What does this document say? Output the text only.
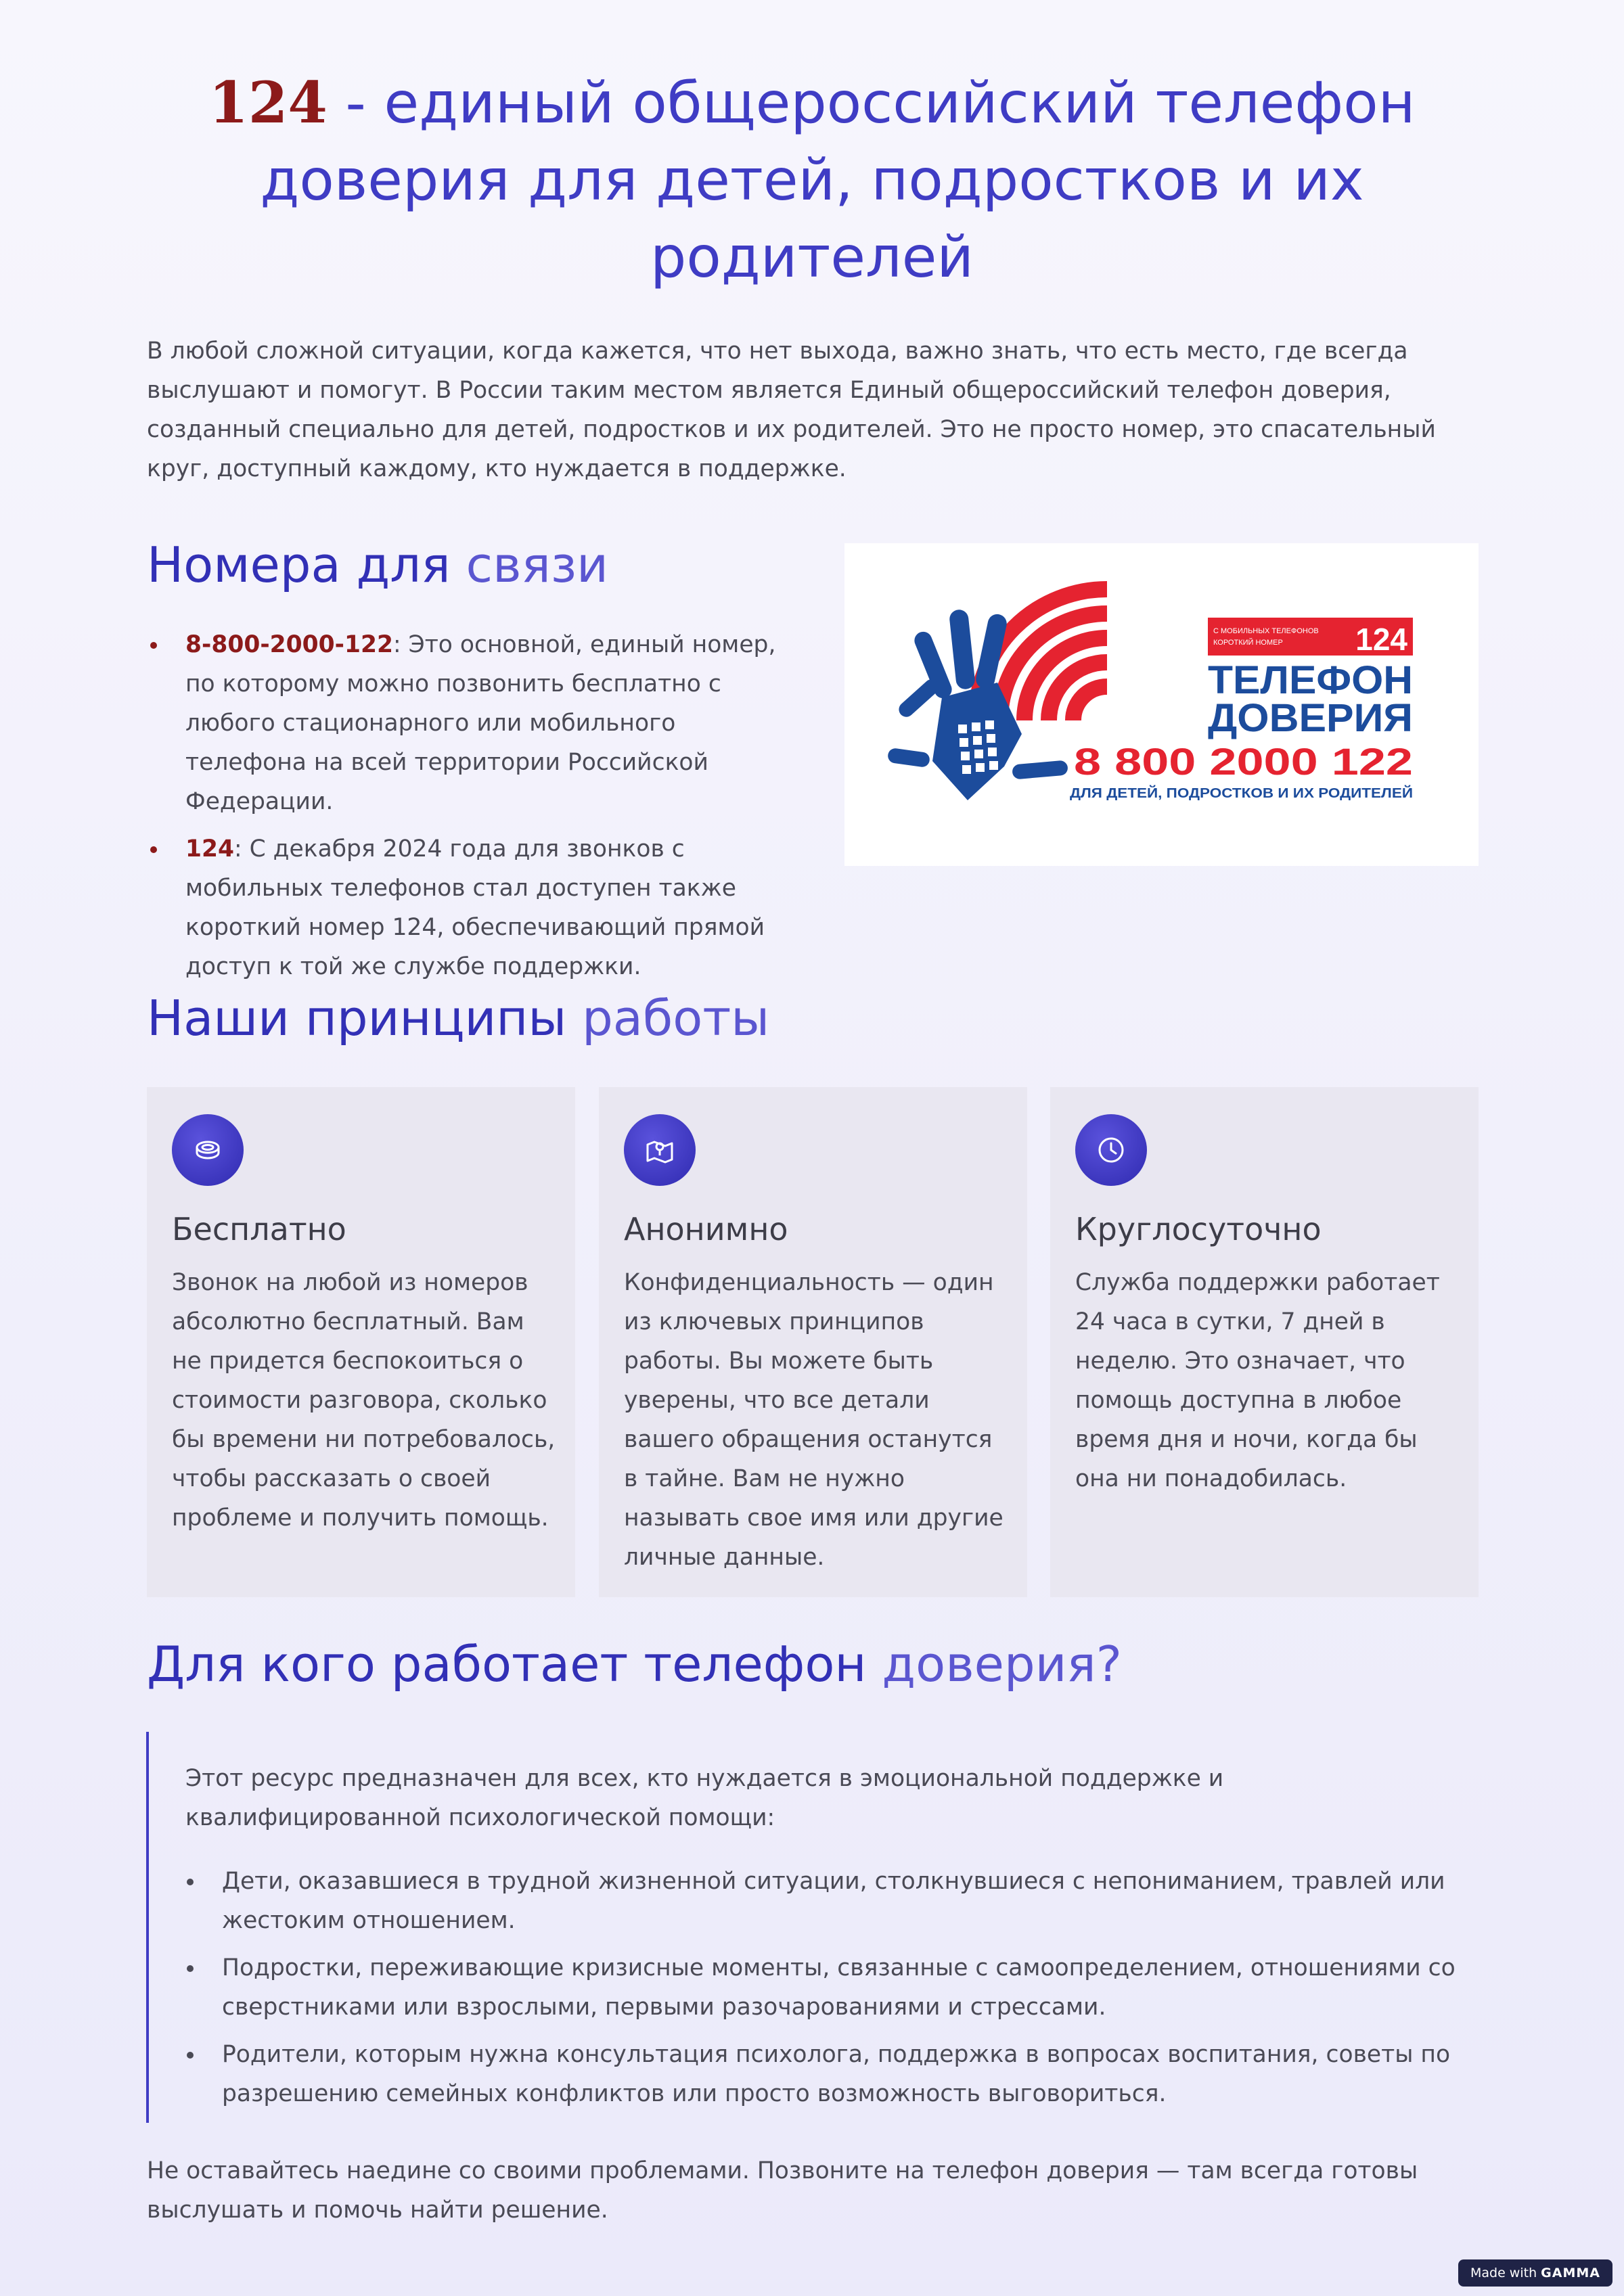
124 - единый общероссийский телефон доверия для детей, подростков и их родителей

В любой сложной ситуации, когда кажется, что нет выхода, важно знать, что есть место, где всегда выслушают и помогут. В России таким местом является Единый общероссийский телефон доверия, созданный специально для детей, подростков и их родителей. Это не просто номер, это спасательный круг, доступный каждому, кто нуждается в поддержке.

Номера для связи
8-800-2000-122: Это основной, единый номер, по которому можно позвонить бесплатно с любого стационарного или мобильного телефона на всей территории Российской Федерации.
124: С декабря 2024 года для звонков с мобильных телефонов стал доступен также короткий номер 124, обеспечивающий прямой доступ к той же службе поддержки.
С МОБИЛЬНЫХ ТЕЛЕФОНОВ
КОРОТКИЙ НОМЕР 124
ТЕЛЕФОН
ДОВЕРИЯ
8 800 2000 122
ДЛЯ ДЕТЕЙ, ПОДРОСТКОВ И ИХ РОДИТЕЛЕЙ
Наши принципы работы
Бесплатно

Звонок на любой из номеров абсолютно бесплатный. Вам не придется беспокоиться о стоимости разговора, сколько бы времени ни потребовалось, чтобы рассказать о своей проблеме и получить помощь.

Анонимно

Конфиденциальность — один из ключевых принципов работы. Вы можете быть уверены, что все детали вашего обращения останутся в тайне. Вам не нужно называть свое имя или другие личные данные.

Круглосуточно

Служба поддержки работает 24 часа в сутки, 7 дней в неделю. Это означает, что помощь доступна в любое время дня и ночи, когда бы она ни понадобилась.

Для кого работает телефон доверия?

Этот ресурс предназначен для всех, кто нуждается в эмоциональной поддержке и квалифицированной психологической помощи:

Дети, оказавшиеся в трудной жизненной ситуации, столкнувшиеся с непониманием, травлей или жестоким отношением.
Подростки, переживающие кризисные моменты, связанные с самоопределением, отношениями со сверстниками или взрослыми, первыми разочарованиями и стрессами.
Родители, которым нужна консультация психолога, поддержка в вопросах воспитания, советы по разрешению семейных конфликтов или просто возможность выговориться.

Не оставайтесь наедине со своими проблемами. Позвоните на телефон доверия — там всегда готовы выслушать и помочь найти решение.

Made with GAMMA
